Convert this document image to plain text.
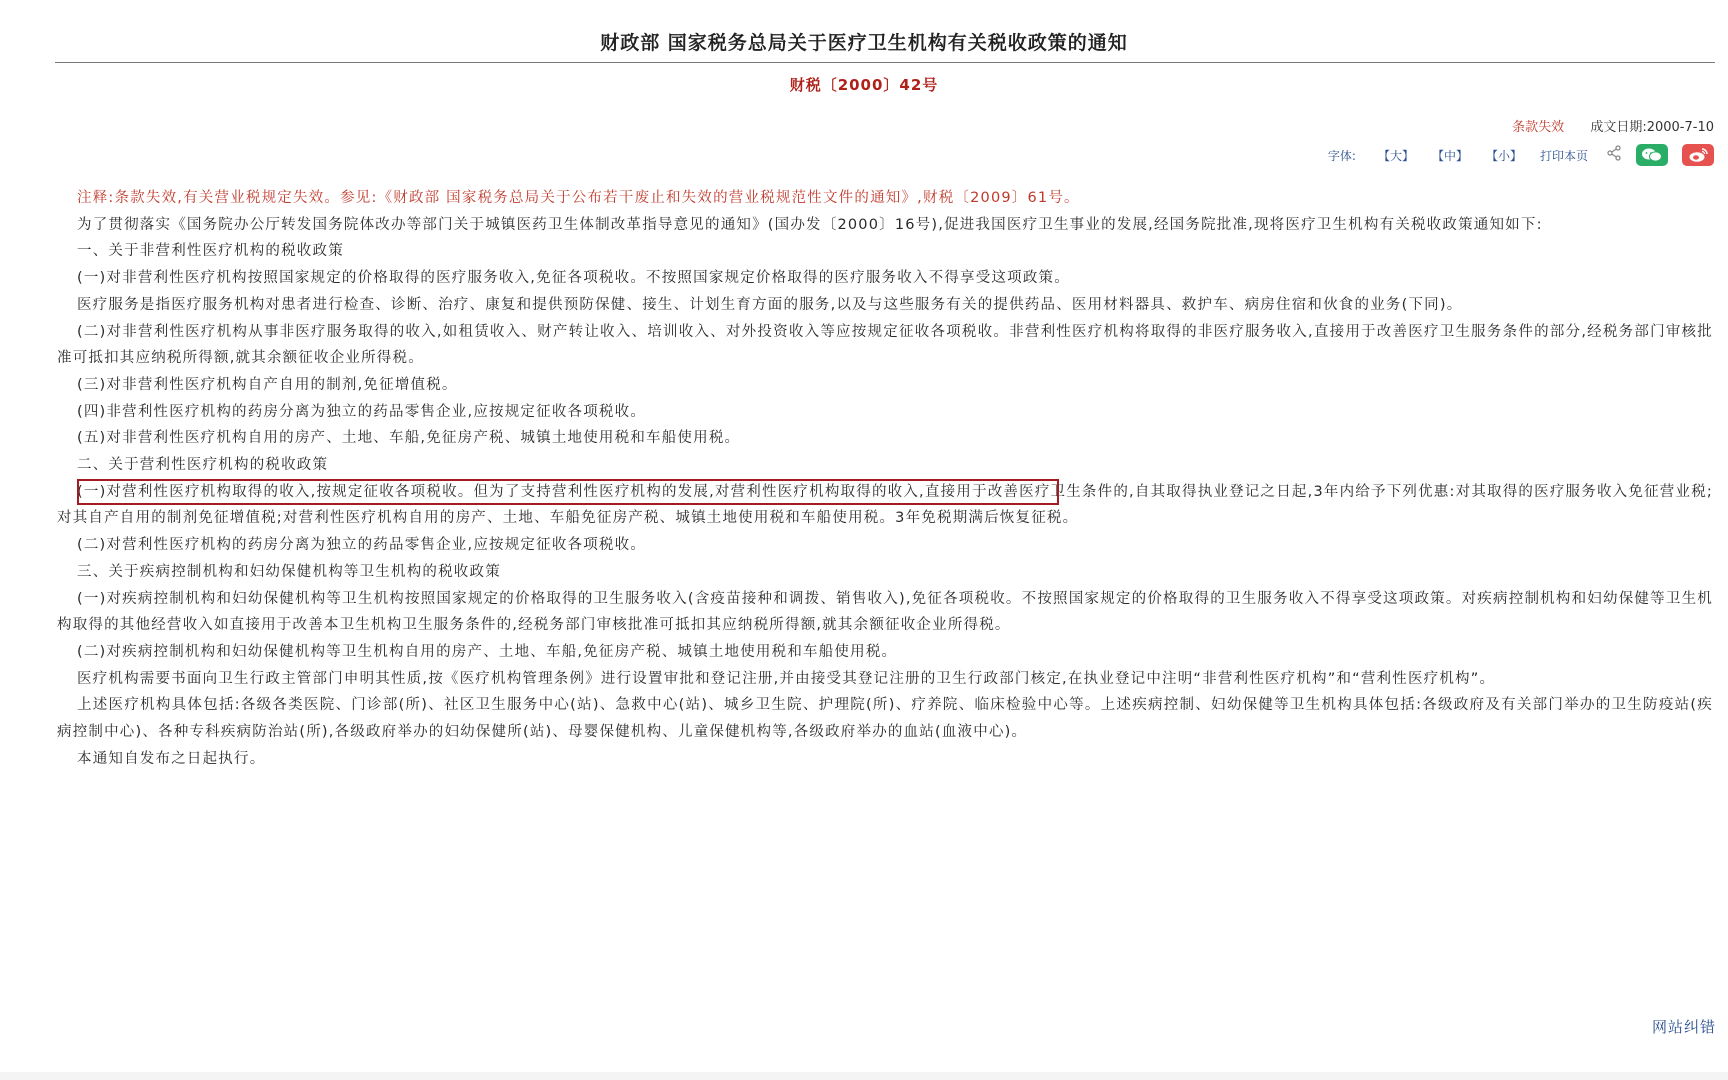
财政部 国家税务总局关于医疗卫生机构有关税收政策的通知
财税〔2000〕42号
条款失效 成文日期:2000-7-10
字体: 【大】 【中】 【小】 打印本页

注释:条款失效,有关营业税规定失效。参见:《财政部 国家税务总局关于公布若干废止和失效的营业税规范性文件的通知》,财税〔2009〕61号。

为了贯彻落实《国务院办公厅转发国务院体改办等部门关于城镇医药卫生体制改革指导意见的通知》(国办发〔2000〕16号),促进我国医疗卫生事业的发展,经国务院批准,现将医疗卫生机构有关税收政策通知如下:

一、关于非营利性医疗机构的税收政策

(一)对非营利性医疗机构按照国家规定的价格取得的医疗服务收入,免征各项税收。不按照国家规定价格取得的医疗服务收入不得享受这项政策。

医疗服务是指医疗服务机构对患者进行检查、诊断、治疗、康复和提供预防保健、接生、计划生育方面的服务,以及与这些服务有关的提供药品、医用材料器具、救护车、病房住宿和伙食的业务(下同)。

(二)对非营利性医疗机构从事非医疗服务取得的收入,如租赁收入、财产转让收入、培训收入、对外投资收入等应按规定征收各项税收。非营利性医疗机构将取得的非医疗服务收入,直接用于改善医疗卫生服务条件的部分,经税务部门审核批准可抵扣其应纳税所得额,就其余额征收企业所得税。

(三)对非营利性医疗机构自产自用的制剂,免征增值税。

(四)非营利性医疗机构的药房分离为独立的药品零售企业,应按规定征收各项税收。

(五)对非营利性医疗机构自用的房产、土地、车船,免征房产税、城镇土地使用税和车船使用税。

二、关于营利性医疗机构的税收政策

(一)对营利性医疗机构取得的收入,按规定征收各项税收。但为了支持营利性医疗机构的发展,对营利性医疗机构取得的收入,直接用于改善医疗卫生条件的,自其取得执业登记之日起,3年内给予下列优惠:对其取得的医疗服务收入免征营业税;对其自产自用的制剂免征增值税;对营利性医疗机构自用的房产、土地、车船免征房产税、城镇土地使用税和车船使用税。3年免税期满后恢复征税。

(二)对营利性医疗机构的药房分离为独立的药品零售企业,应按规定征收各项税收。

三、关于疾病控制机构和妇幼保健机构等卫生机构的税收政策

(一)对疾病控制机构和妇幼保健机构等卫生机构按照国家规定的价格取得的卫生服务收入(含疫苗接种和调拨、销售收入),免征各项税收。不按照国家规定的价格取得的卫生服务收入不得享受这项政策。对疾病控制机构和妇幼保健等卫生机构取得的其他经营收入如直接用于改善本卫生机构卫生服务条件的,经税务部门审核批准可抵扣其应纳税所得额,就其余额征收企业所得税。

(二)对疾病控制机构和妇幼保健机构等卫生机构自用的房产、土地、车船,免征房产税、城镇土地使用税和车船使用税。

医疗机构需要书面向卫生行政主管部门申明其性质,按《医疗机构管理条例》进行设置审批和登记注册,并由接受其登记注册的卫生行政部门核定,在执业登记中注明“非营利性医疗机构”和“营利性医疗机构”。

上述医疗机构具体包括:各级各类医院、门诊部(所)、社区卫生服务中心(站)、急救中心(站)、城乡卫生院、护理院(所)、疗养院、临床检验中心等。上述疾病控制、妇幼保健等卫生机构具体包括:各级政府及有关部门举办的卫生防疫站(疾病控制中心)、各种专科疾病防治站(所),各级政府举办的妇幼保健所(站)、母婴保健机构、儿童保健机构等,各级政府举办的血站(血液中心)。

本通知自发布之日起执行。

网站纠错
